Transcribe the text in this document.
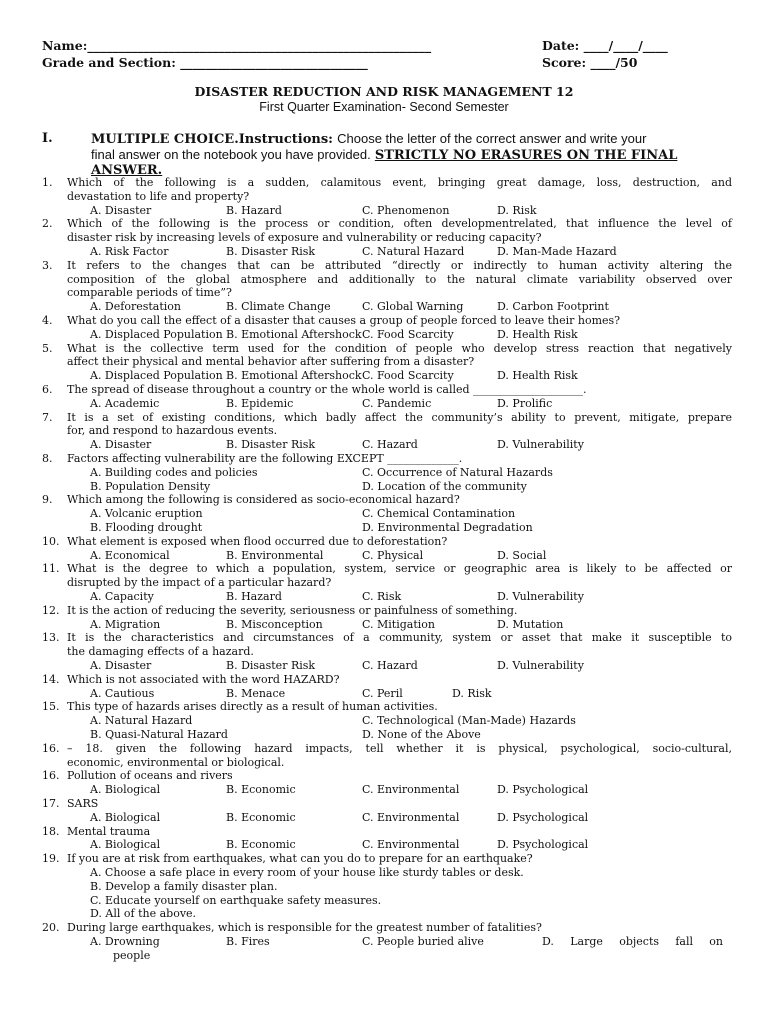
Name:_______________________________________________________	Date: ____/____/____
Grade and Section: ______________________________	Score: ____/50
DISASTER REDUCTION AND RISK MANAGEMENT 12
First Quarter Examination- Second Semester
I.	MULTIPLE CHOICE.Instructions: Choose the letter of the correct answer and write your
final answer on the notebook you have provided. STRICTLY NO ERASURES ON THE FINAL
ANSWER.
1. Which of the following is a sudden, calamitous event, bringing great damage, loss, destruction, and
devastation to life and property?
A. Disaster	B. Hazard	C. Phenomenon	D. Risk
2. Which of the following is the process or condition, often developmentrelated, that influence the level of
disaster risk by increasing levels of exposure and vulnerability or reducing capacity?
A. Risk Factor	B. Disaster Risk	C. Natural Hazard	D. Man-Made Hazard
3. It refers to the changes that can be attributed “directly or indirectly to human activity altering the
composition of the global atmosphere and additionally to the natural climate variability observed over
comparable periods of time”?
A. Deforestation	B. Climate Change	C. Global Warning	D. Carbon Footprint
4. What do you call the effect of a disaster that causes a group of people forced to leave their homes?
A. Displaced Population B. Emotional Aftershock C. Food Scarcity	D. Health Risk
5. What is the collective term used for the condition of people who develop stress reaction that negatively
affect their physical and mental behavior after suffering from a disaster?
A. Displaced Population B. Emotional Aftershock C. Food Scarcity	D. Health Risk
6. The spread of disease throughout a country or the whole world is called ____________________.
A. Academic	B. Epidemic	C. Pandemic	D. Prolific
7. It is a set of existing conditions, which badly affect the community’s ability to prevent, mitigate, prepare
for, and respond to hazardous events.
A. Disaster	B. Disaster Risk	C. Hazard	D. Vulnerability
8. Factors affecting vulnerability are the following EXCEPT _____________.
A. Building codes and policies	C. Occurrence of Natural Hazards
B. Population Density	D. Location of the community
9. Which among the following is considered as socio-economical hazard?
A. Volcanic eruption	C. Chemical Contamination
B. Flooding drought	D. Environmental Degradation
10. What element is exposed when flood occurred due to deforestation?
A. Economical	B. Environmental	C. Physical	D. Social
11. What is the degree to which a population, system, service or geographic area is likely to be affected or
disrupted by the impact of a particular hazard?
A. Capacity	B. Hazard	C. Risk	D. Vulnerability
12. It is the action of reducing the severity, seriousness or painfulness of something.
A. Migration	B. Misconception	C. Mitigation	D. Mutation
13. It is the characteristics and circumstances of a community, system or asset that make it susceptible to
the damaging effects of a hazard.
A. Disaster	B. Disaster Risk	C. Hazard	D. Vulnerability
14. Which is not associated with the word HAZARD?
A. Cautious	B. Menace	C. Peril	D. Risk
15. This type of hazards arises directly as a result of human activities.
A. Natural Hazard	C. Technological (Man-Made) Hazards
B. Quasi-Natural Hazard	D. None of the Above
16. – 18. given the following hazard impacts, tell whether it is physical, psychological, socio-cultural,
economic, environmental or biological.
16. Pollution of oceans and rivers
A. Biological	B. Economic	C. Environmental	D. Psychological
17. SARS
A. Biological	B. Economic	C. Environmental	D. Psychological
18. Mental trauma
A. Biological	B. Economic	C. Environmental	D. Psychological
19. If you are at risk from earthquakes, what can you do to prepare for an earthquake?
A. Choose a safe place in every room of your house like sturdy tables or desk.
B. Develop a family disaster plan.
C. Educate yourself on earthquake safety measures.
D. All of the above.
20. During large earthquakes, which is responsible for the greatest number of fatalities?
A. Drowning	B. Fires	C. People buried alive	D. Large objects fall on
people
